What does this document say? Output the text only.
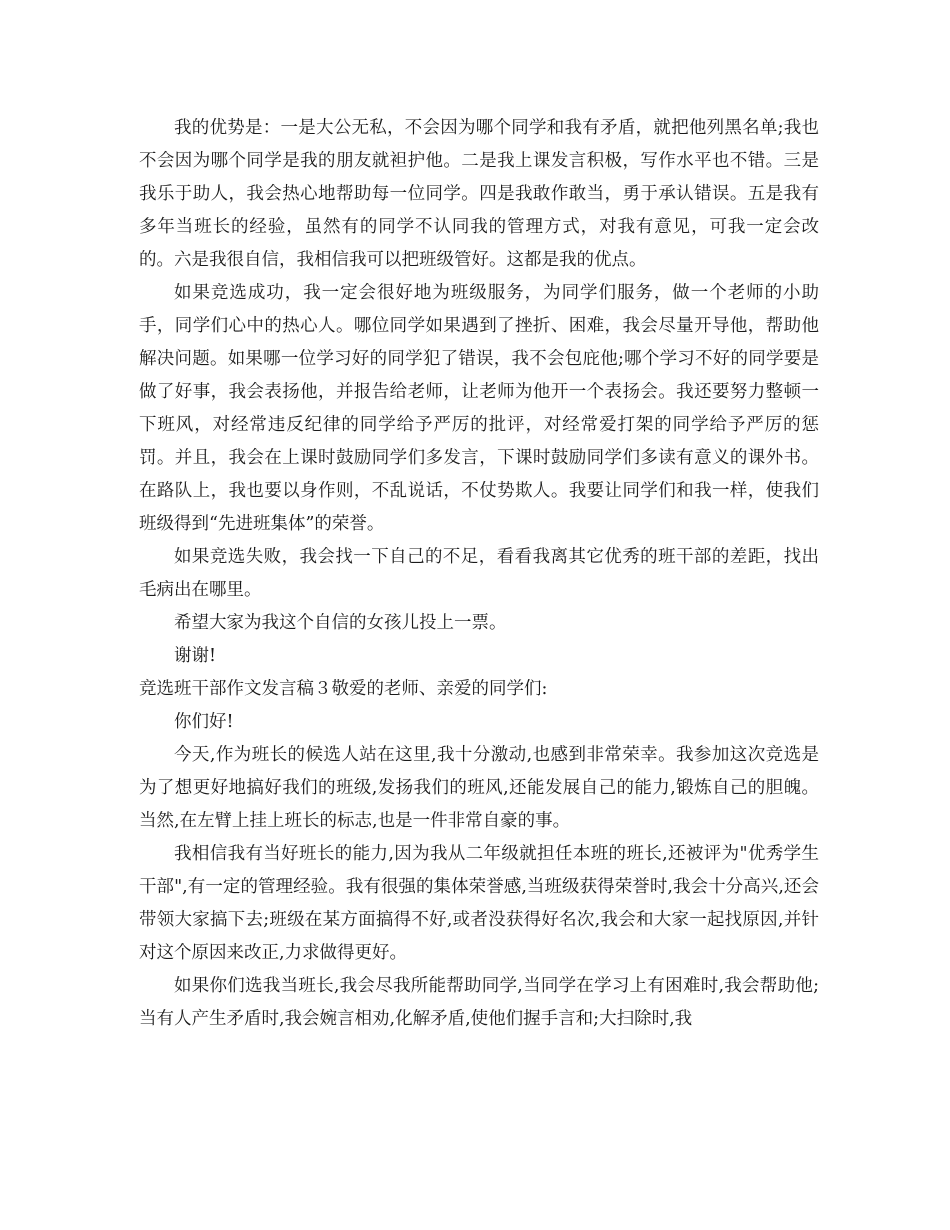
我的优势是：一是大公无私，不会因为哪个同学和我有矛盾，就把他列黑名单;我也不会因为哪个同学是我的朋友就袒护他。二是我上课发言积极，写作水平也不错。三是我乐于助人，我会热心地帮助每一位同学。四是我敢作敢当，勇于承认错误。五是我有多年当班长的经验，虽然有的同学不认同我的管理方式，对我有意见，可我一定会改的。六是我很自信，我相信我可以把班级管好。这都是我的优点。

如果竞选成功，我一定会很好地为班级服务，为同学们服务，做一个老师的小助手，同学们心中的热心人。哪位同学如果遇到了挫折、困难，我会尽量开导他，帮助他解决问题。如果哪一位学习好的同学犯了错误，我不会包庇他;哪个学习不好的同学要是做了好事，我会表扬他，并报告给老师，让老师为他开一个表扬会。我还要努力整顿一下班风，对经常违反纪律的同学给予严厉的批评，对经常爱打架的同学给予严厉的惩罚。并且，我会在上课时鼓励同学们多发言，下课时鼓励同学们多读有意义的课外书。在路队上，我也要以身作则，不乱说话，不仗势欺人。我要让同学们和我一样，使我们班级得到“先进班集体”的荣誉。

如果竞选失败，我会找一下自己的不足，看看我离其它优秀的班干部的差距，找出毛病出在哪里。

希望大家为我这个自信的女孩儿投上一票。

谢谢!

竞选班干部作文发言稿３敬爱的老师、亲爱的同学们:

你们好!

今天,作为班长的候选人站在这里,我十分激动,也感到非常荣幸。我参加这次竞选是为了想更好地搞好我们的班级,发扬我们的班风,还能发展自己的能力,锻炼自己的胆魄。当然,在左臂上挂上班长的标志,也是一件非常自豪的事。

我相信我有当好班长的能力,因为我从二年级就担任本班的班长,还被评为"优秀学生干部",有一定的管理经验。我有很强的集体荣誉感,当班级获得荣誉时,我会十分高兴,还会带领大家搞下去;班级在某方面搞得不好,或者没获得好名次,我会和大家一起找原因,并针对这个原因来改正,力求做得更好。

如果你们选我当班长,我会尽我所能帮助同学,当同学在学习上有困难时,我会帮助他;当有人产生矛盾时,我会婉言相劝,化解矛盾,使他们握手言和;大扫除时,我
